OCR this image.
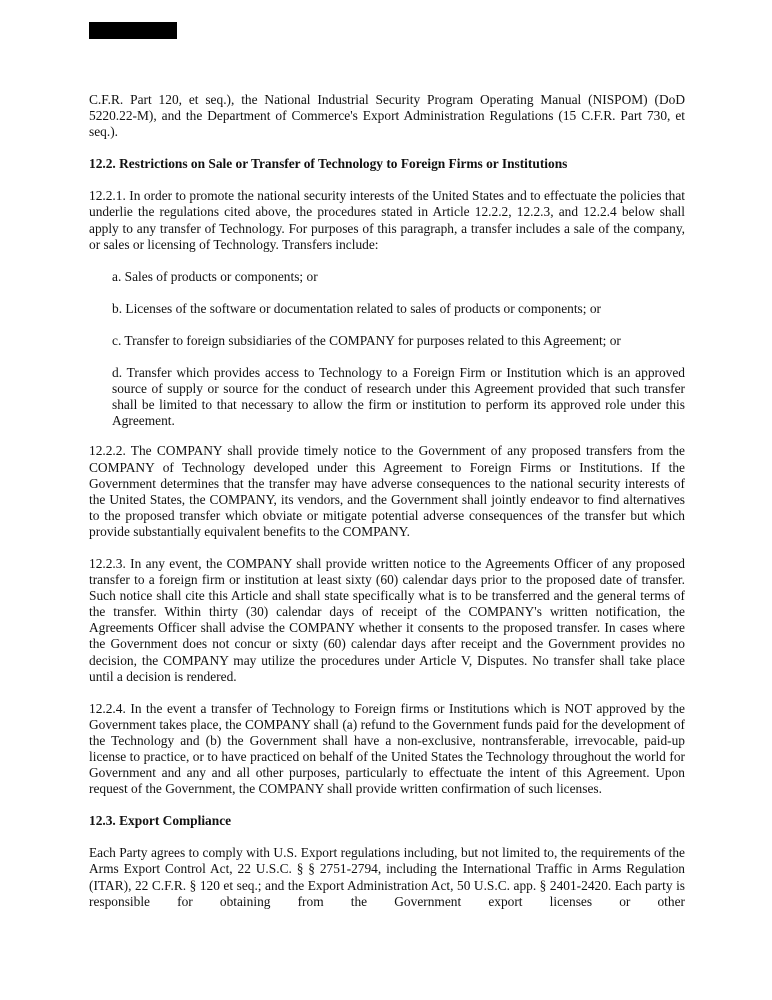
C.F.R. Part 120, et seq.), the National Industrial Security Program Operating Manual (NISPOM) (DoD 5220.22-M), and the Department of Commerce's Export Administration Regulations (15 C.F.R. Part 730, et seq.).

12.2. Restrictions on Sale or Transfer of Technology to Foreign Firms or Institutions

12.2.1. In order to promote the national security interests of the United States and to effectuate the policies that underlie the regulations cited above, the procedures stated in Article 12.2.2, 12.2.3, and 12.2.4 below shall apply to any transfer of Technology. For purposes of this paragraph, a transfer includes a sale of the company, or sales or licensing of Technology. Transfers include:

a. Sales of products or components; or

b. Licenses of the software or documentation related to sales of products or components; or

c. Transfer to foreign subsidiaries of the COMPANY for purposes related to this Agreement; or

d. Transfer which provides access to Technology to a Foreign Firm or Institution which is an approved source of supply or source for the conduct of research under this Agreement provided that such transfer shall be limited to that necessary to allow the firm or institution to perform its approved role under this Agreement.

12.2.2. The COMPANY shall provide timely notice to the Government of any proposed transfers from the COMPANY of Technology developed under this Agreement to Foreign Firms or Institutions. If the Government determines that the transfer may have adverse consequences to the national security interests of the United States, the COMPANY, its vendors, and the Government shall jointly endeavor to find alternatives to the proposed transfer which obviate or mitigate potential adverse consequences of the transfer but which provide substantially equivalent benefits to the COMPANY.

12.2.3. In any event, the COMPANY shall provide written notice to the Agreements Officer of any proposed transfer to a foreign firm or institution at least sixty (60) calendar days prior to the proposed date of transfer. Such notice shall cite this Article and shall state specifically what is to be transferred and the general terms of the transfer. Within thirty (30) calendar days of receipt of the COMPANY's written notification, the Agreements Officer shall advise the COMPANY whether it consents to the proposed transfer. In cases where the Government does not concur or sixty (60) calendar days after receipt and the Government provides no decision, the COMPANY may utilize the procedures under Article V, Disputes. No transfer shall take place until a decision is rendered.

12.2.4. In the event a transfer of Technology to Foreign firms or Institutions which is NOT approved by the Government takes place, the COMPANY shall (a) refund to the Government funds paid for the development of the Technology and (b) the Government shall have a non-exclusive, nontransferable, irrevocable, paid-up license to practice, or to have practiced on behalf of the United States the Technology throughout the world for Government and any and all other purposes, particularly to effectuate the intent of this Agreement. Upon request of the Government, the COMPANY shall provide written confirmation of such licenses.

12.3. Export Compliance

Each Party agrees to comply with U.S. Export regulations including, but not limited to, the requirements of the Arms Export Control Act, 22 U.S.C. § § 2751-2794, including the International Traffic in Arms Regulation (ITAR), 22 C.F.R. § 120 et seq.; and the Export Administration Act, 50 U.S.C. app. § 2401-2420. Each party is responsible for obtaining from the Government export licenses or other
